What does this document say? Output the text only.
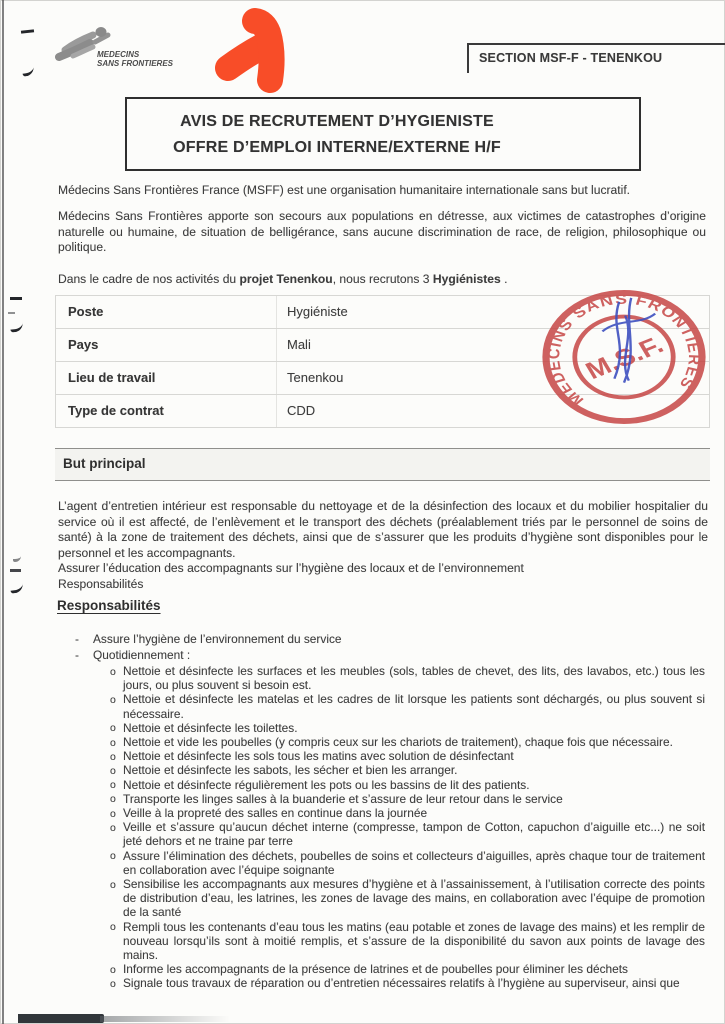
MEDECINS
SANS FRONTIERES	SECTION MSF-F - TENENKOU
AVIS DE RECRUTEMENT D’HYGIENISTE
OFFRE D’EMPLOI INTERNE/EXTERNE H/F
Médecins Sans Frontières France (MSFF) est une organisation humanitaire internationale sans but lucratif.
Médecins Sans Frontières apporte son secours aux populations en détresse, aux victimes de catastrophes d’origine naturelle ou humaine, de situation de belligérance, sans aucune discrimination de race, de religion, philosophique ou politique.
Dans le cadre de nos activités du projet Tenenkou, nous recrutons 3 Hygiénistes .
Poste	Hygiéniste
Pays	Mali
Lieu de travail	Tenenkou
Type de contrat	CDD
MEDECINS SANS FRONTIERES
M.S.F.
But principal
L’agent d’entretien intérieur est responsable du nettoyage et de la désinfection des locaux et du mobilier hospitalier du service où il est affecté, de l’enlèvement et le transport des déchets (préalablement triés par le personnel de soins de santé) à la zone de traitement des déchets, ainsi que de s’assurer que les produits d’hygiène sont disponibles pour le personnel et les accompagnants.
Assurer l’éducation des accompagnants sur l’hygiène des locaux et de l’environnement
Responsabilités
Responsabilités
- Assure l’hygiène de l’environnement du service
- Quotidiennement :
o Nettoie et désinfecte les surfaces et les meubles (sols, tables de chevet, des lits, des lavabos, etc.) tous les jours, ou plus souvent si besoin est.
o Nettoie et désinfecte les matelas et les cadres de lit lorsque les patients sont déchargés, ou plus souvent si nécessaire.
o Nettoie et désinfecte les toilettes.
o Nettoie et vide les poubelles (y compris ceux sur les chariots de traitement), chaque fois que nécessaire.
o Nettoie et désinfecte les sols tous les matins avec solution de désinfectant
o Nettoie et désinfecte les sabots, les sécher et bien les arranger.
o Nettoie et désinfecte régulièrement les pots ou les bassins de lit des patients.
o Transporte les linges salles à la buanderie et s’assure de leur retour dans le service
o Veille à la propreté des salles en continue dans la journée
o Veille et s’assure qu’aucun déchet interne (compresse, tampon de Cotton, capuchon d’aiguille etc...) ne soit jeté dehors et ne traine par terre
o Assure l’élimination des déchets, poubelles de soins et collecteurs d’aiguilles, après chaque tour de traitement en collaboration avec l’équipe soignante
o Sensibilise les accompagnants aux mesures d’hygiène et à l’assainissement, à l’utilisation correcte des points de distribution d’eau, les latrines, les zones de lavage des mains, en collaboration avec l’équipe de promotion de la santé
o Rempli tous les contenants d’eau tous les matins (eau potable et zones de lavage des mains) et les remplir de nouveau lorsqu’ils sont à moitié remplis, et s’assure de la disponibilité du savon aux points de lavage des mains.
o Informe les accompagnants de la présence de latrines et de poubelles pour éliminer les déchets
o Signale tous travaux de réparation ou d’entretien nécessaires relatifs à l’hygiène au superviseur, ainsi que
